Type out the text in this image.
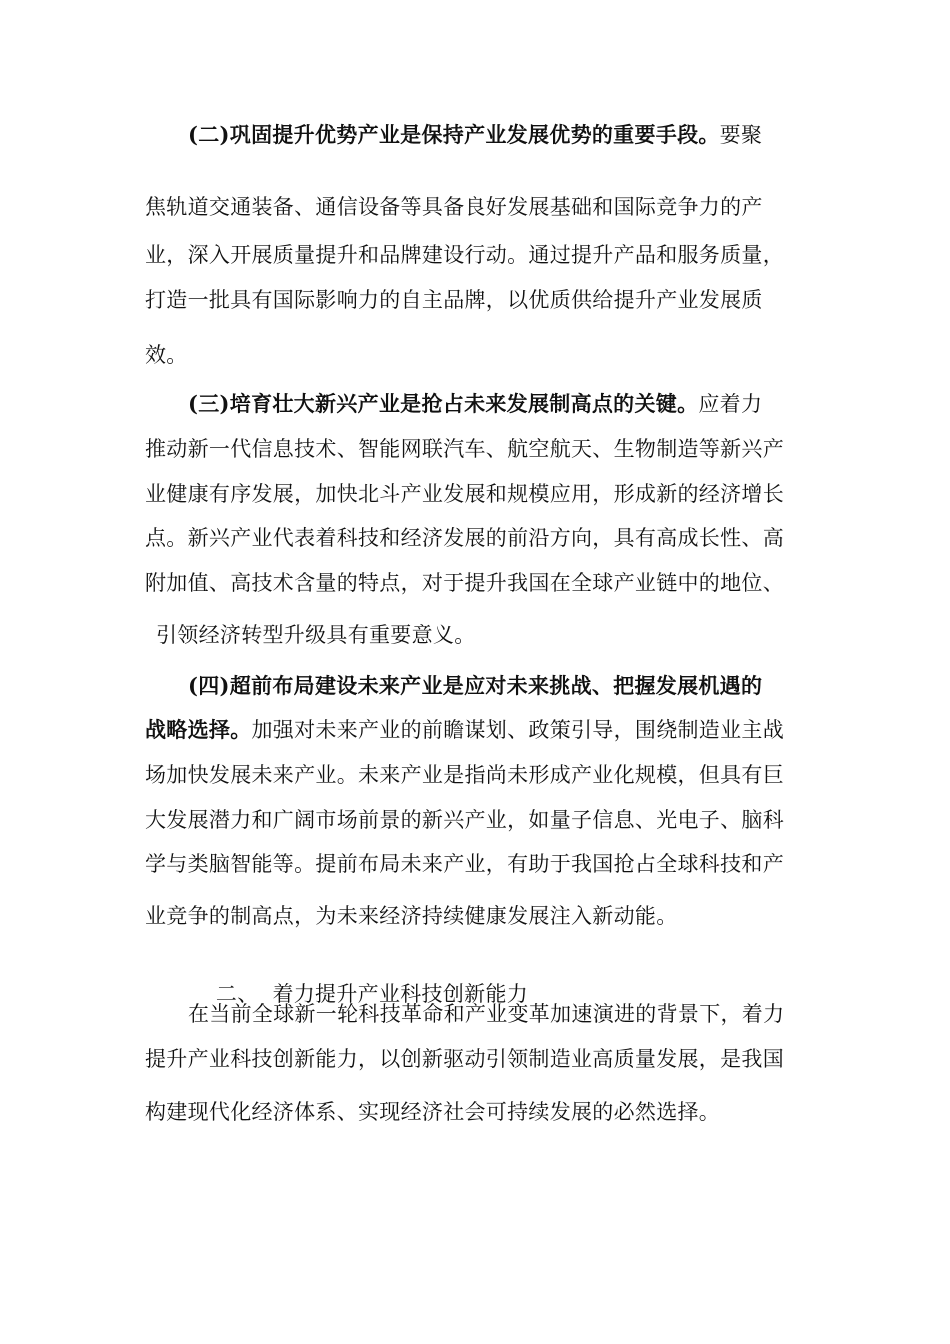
(二)巩固提升优势产业是保持产业发展优势的重要手段。要聚
焦轨道交通装备、通信设备等具备良好发展基础和国际竞争力的产
业，深入开展质量提升和品牌建设行动。通过提升产品和服务质量，
打造一批具有国际影响力的自主品牌，以优质供给提升产业发展质
效。
(三)培育壮大新兴产业是抢占未来发展制高点的关键。应着力
推动新一代信息技术、智能网联汽车、航空航天、生物制造等新兴产
业健康有序发展，加快北斗产业发展和规模应用，形成新的经济增长
点。新兴产业代表着科技和经济发展的前沿方向，具有高成长性、高
附加值、高技术含量的特点，对于提升我国在全球产业链中的地位、
引领经济转型升级具有重要意义。
(四)超前布局建设未来产业是应对未来挑战、把握发展机遇的
战略选择。加强对未来产业的前瞻谋划、政策引导，围绕制造业主战
场加快发展未来产业。未来产业是指尚未形成产业化规模，但具有巨
大发展潜力和广阔市场前景的新兴产业，如量子信息、光电子、脑科
学与类脑智能等。提前布局未来产业，有助于我国抢占全球科技和产
业竞争的制高点，为未来经济持续健康发展注入新动能。

二、  着力提升产业科技创新能力

在当前全球新一轮科技革命和产业变革加速演进的背景下，着力
提升产业科技创新能力，以创新驱动引领制造业高质量发展，是我国
构建现代化经济体系、实现经济社会可持续发展的必然选择。
